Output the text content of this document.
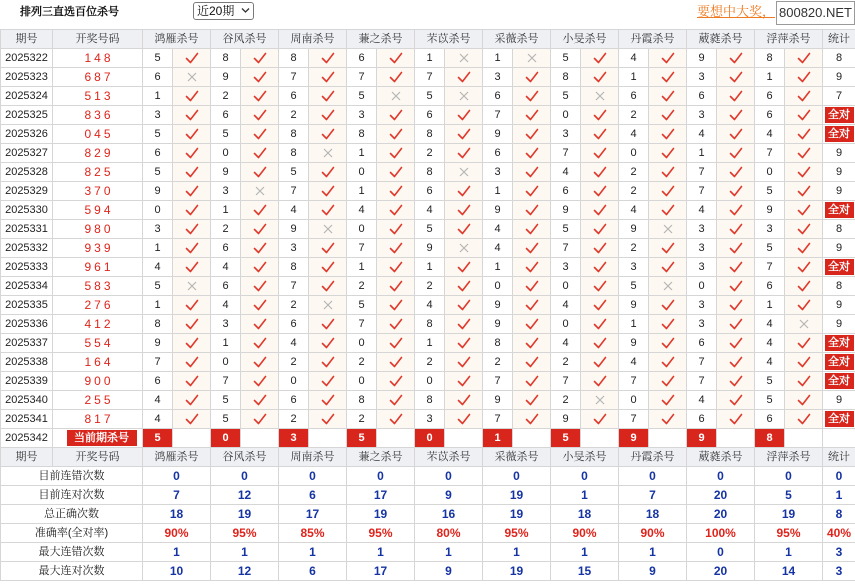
排列三直选百位杀号	近20期	要想中大奖， 800820.NET
期号	开奖号码	鸿雁杀号		谷风杀号		周南杀号		蒹之杀号		芣苡杀号		采薇杀号		小旻杀号		丹霞杀号		葳蕤杀号		浮萍杀号		统计
2025322	148	5		8		8		6		1		1		5		4		9		8		8
2025323	687	6		9		7		7		7		3		8		1		3		1		9
2025324	513	1		2		6		5		5		6		5		6		6		6		7
2025325	836	3		6		2		3		6		7		0		2		3		6		全对
2025326	045	5		5		8		8		8		9		3		4		4		4		全对
2025327	829	6		0		8		1		2		6		7		0		1		7		9
2025328	825	5		9		5		0		8		3		4		2		7		0		9
2025329	370	9		3		7		1		6		1		6		2		7		5		9
2025330	594	0		1		4		4		4		9		9		4		4		9		全对
2025331	980	3		2		9		0		5		4		5		9		3		3		8
2025332	939	1		6		3		7		9		4		7		2		3		5		9
2025333	961	4		4		8		1		1		1		3		3		3		7		全对
2025334	583	5		6		7		2		2		0		0		5		0		6		8
2025335	276	1		4		2		5		4		9		4		9		3		1		9
2025336	412	8		3		6		7		8		9		0		1		3		4		9
2025337	554	9		1		4		0		1		8		4		9		6		4		全对
2025338	164	7		0		2		2		2		2		2		4		7		4		全对
2025339	900	6		7		0		0		0		7		7		7		7		5		全对
2025340	255	4		5		6		8		8		9		2		0		4		5		9
2025341	817	4		5		2		2		3		7		9		7		6		6		全对
2025342	当前期杀号	5		0		3		5		0		1		5		9		9		8		
期号	开奖号码	鸿雁杀号		谷风杀号		周南杀号		蒹之杀号		芣苡杀号		采薇杀号		小旻杀号		丹霞杀号		葳蕤杀号		浮萍杀号		统计
目前连错次数		0		0		0		0		0		0		0		0		0		0		0
目前连对次数		7		12		6		17		9		19		1		7		20		5		1
总正确次数		18		19		17		19		16		19		18		18		20		19		8
准确率(全对率)		90%		95%		85%		95%		80%		95%		90%		90%		100%		95%		40%
最大连错次数		1		1		1		1		1		1		1		1		0		1		3
最大连对次数		10		12		6		17		9		19		15		9		20		14		3
